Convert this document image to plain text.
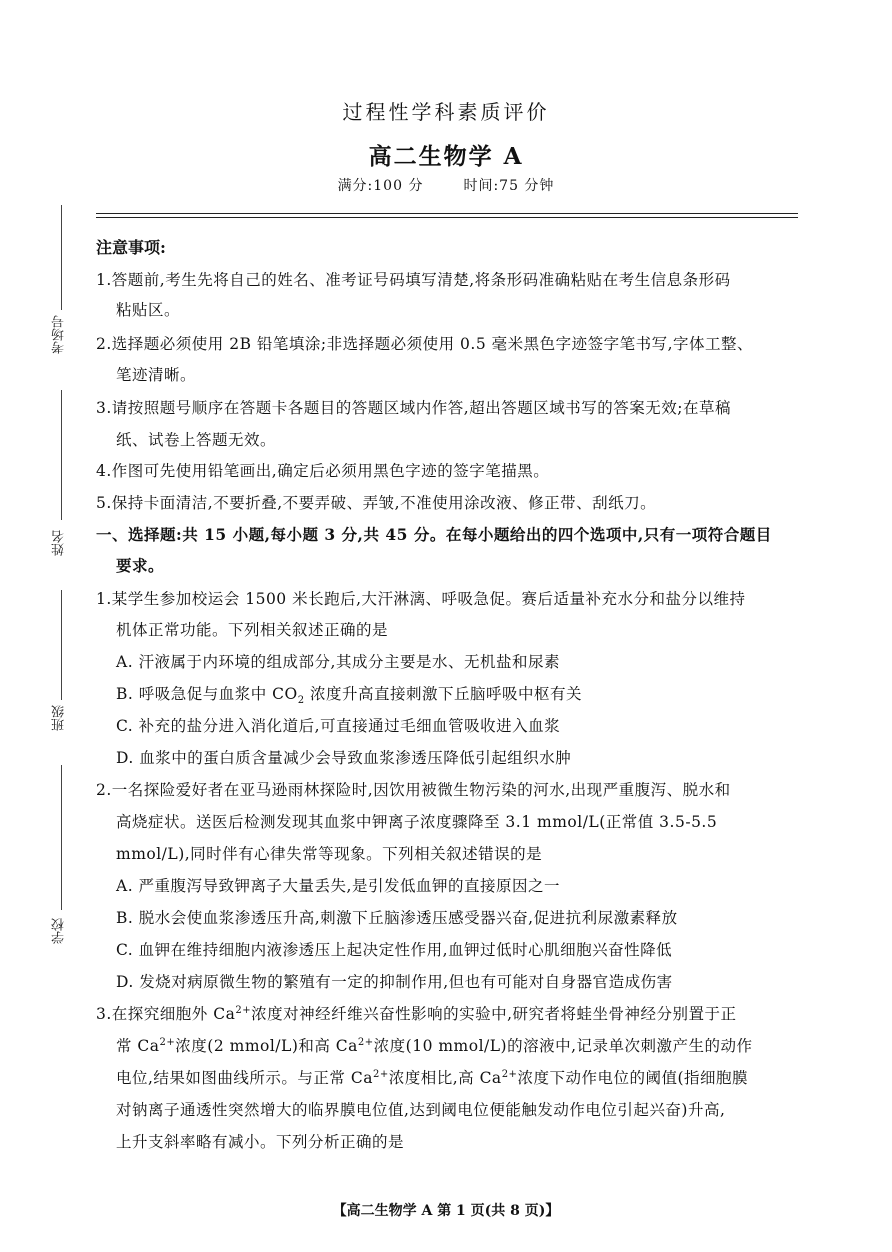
考场号
姓名
班级
学校
过程性学科素质评价
高二生物学 A
满分:100 分	时间:75 分钟
注意事项:
1.答题前,考生先将自己的姓名、准考证号码填写清楚,将条形码准确粘贴在考生信息条形码
粘贴区。
2.选择题必须使用 2B 铅笔填涂;非选择题必须使用 0.5 毫米黑色字迹签字笔书写,字体工整、
笔迹清晰。
3.请按照题号顺序在答题卡各题目的答题区域内作答,超出答题区域书写的答案无效;在草稿
纸、试卷上答题无效。
4.作图可先使用铅笔画出,确定后必须用黑色字迹的签字笔描黑。
5.保持卡面清洁,不要折叠,不要弄破、弄皱,不准使用涂改液、修正带、刮纸刀。
一、选择题:共 15 小题,每小题 3 分,共 45 分。在每小题给出的四个选项中,只有一项符合题目
要求。
1.某学生参加校运会 1500 米长跑后,大汗淋漓、呼吸急促。赛后适量补充水分和盐分以维持
机体正常功能。下列相关叙述正确的是
A. 汗液属于内环境的组成部分,其成分主要是水、无机盐和尿素
B. 呼吸急促与血浆中 $CO_2$ 浓度升高直接刺激下丘脑呼吸中枢有关
C. 补充的盐分进入消化道后,可直接通过毛细血管吸收进入血浆
D. 血浆中的蛋白质含量减少会导致血浆渗透压降低引起组织水肿
2.一名探险爱好者在亚马逊雨林探险时,因饮用被微生物污染的河水,出现严重腹泻、脱水和
高烧症状。送医后检测发现其血浆中钾离子浓度骤降至 3.1 mmol/L(正常值 3.5-5.5
mmol/L),同时伴有心律失常等现象。下列相关叙述错误的是
A. 严重腹泻导致钾离子大量丢失,是引发低血钾的直接原因之一
B. 脱水会使血浆渗透压升高,刺激下丘脑渗透压感受器兴奋,促进抗利尿激素释放
C. 血钾在维持细胞内液渗透压上起决定性作用,血钾过低时心肌细胞兴奋性降低
D. 发烧对病原微生物的繁殖有一定的抑制作用,但也有可能对自身器官造成伤害
3.在探究细胞外 $Ca^{2+}$浓度对神经纤维兴奋性影响的实验中,研究者将蛙坐骨神经分别置于正
常 $Ca^{2+}$浓度(2 mmol/L)和高 $Ca^{2+}$浓度(10 mmol/L)的溶液中,记录单次刺激产生的动作
电位,结果如图曲线所示。与正常 $Ca^{2+}$浓度相比,高 $Ca^{2+}$浓度下动作电位的阈值(指细胞膜
对钠离子通透性突然增大的临界膜电位值,达到阈电位便能触发动作电位引起兴奋)升高,
上升支斜率略有减小。下列分析正确的是
【高二生物学 A 第 1 页(共 8 页)】
